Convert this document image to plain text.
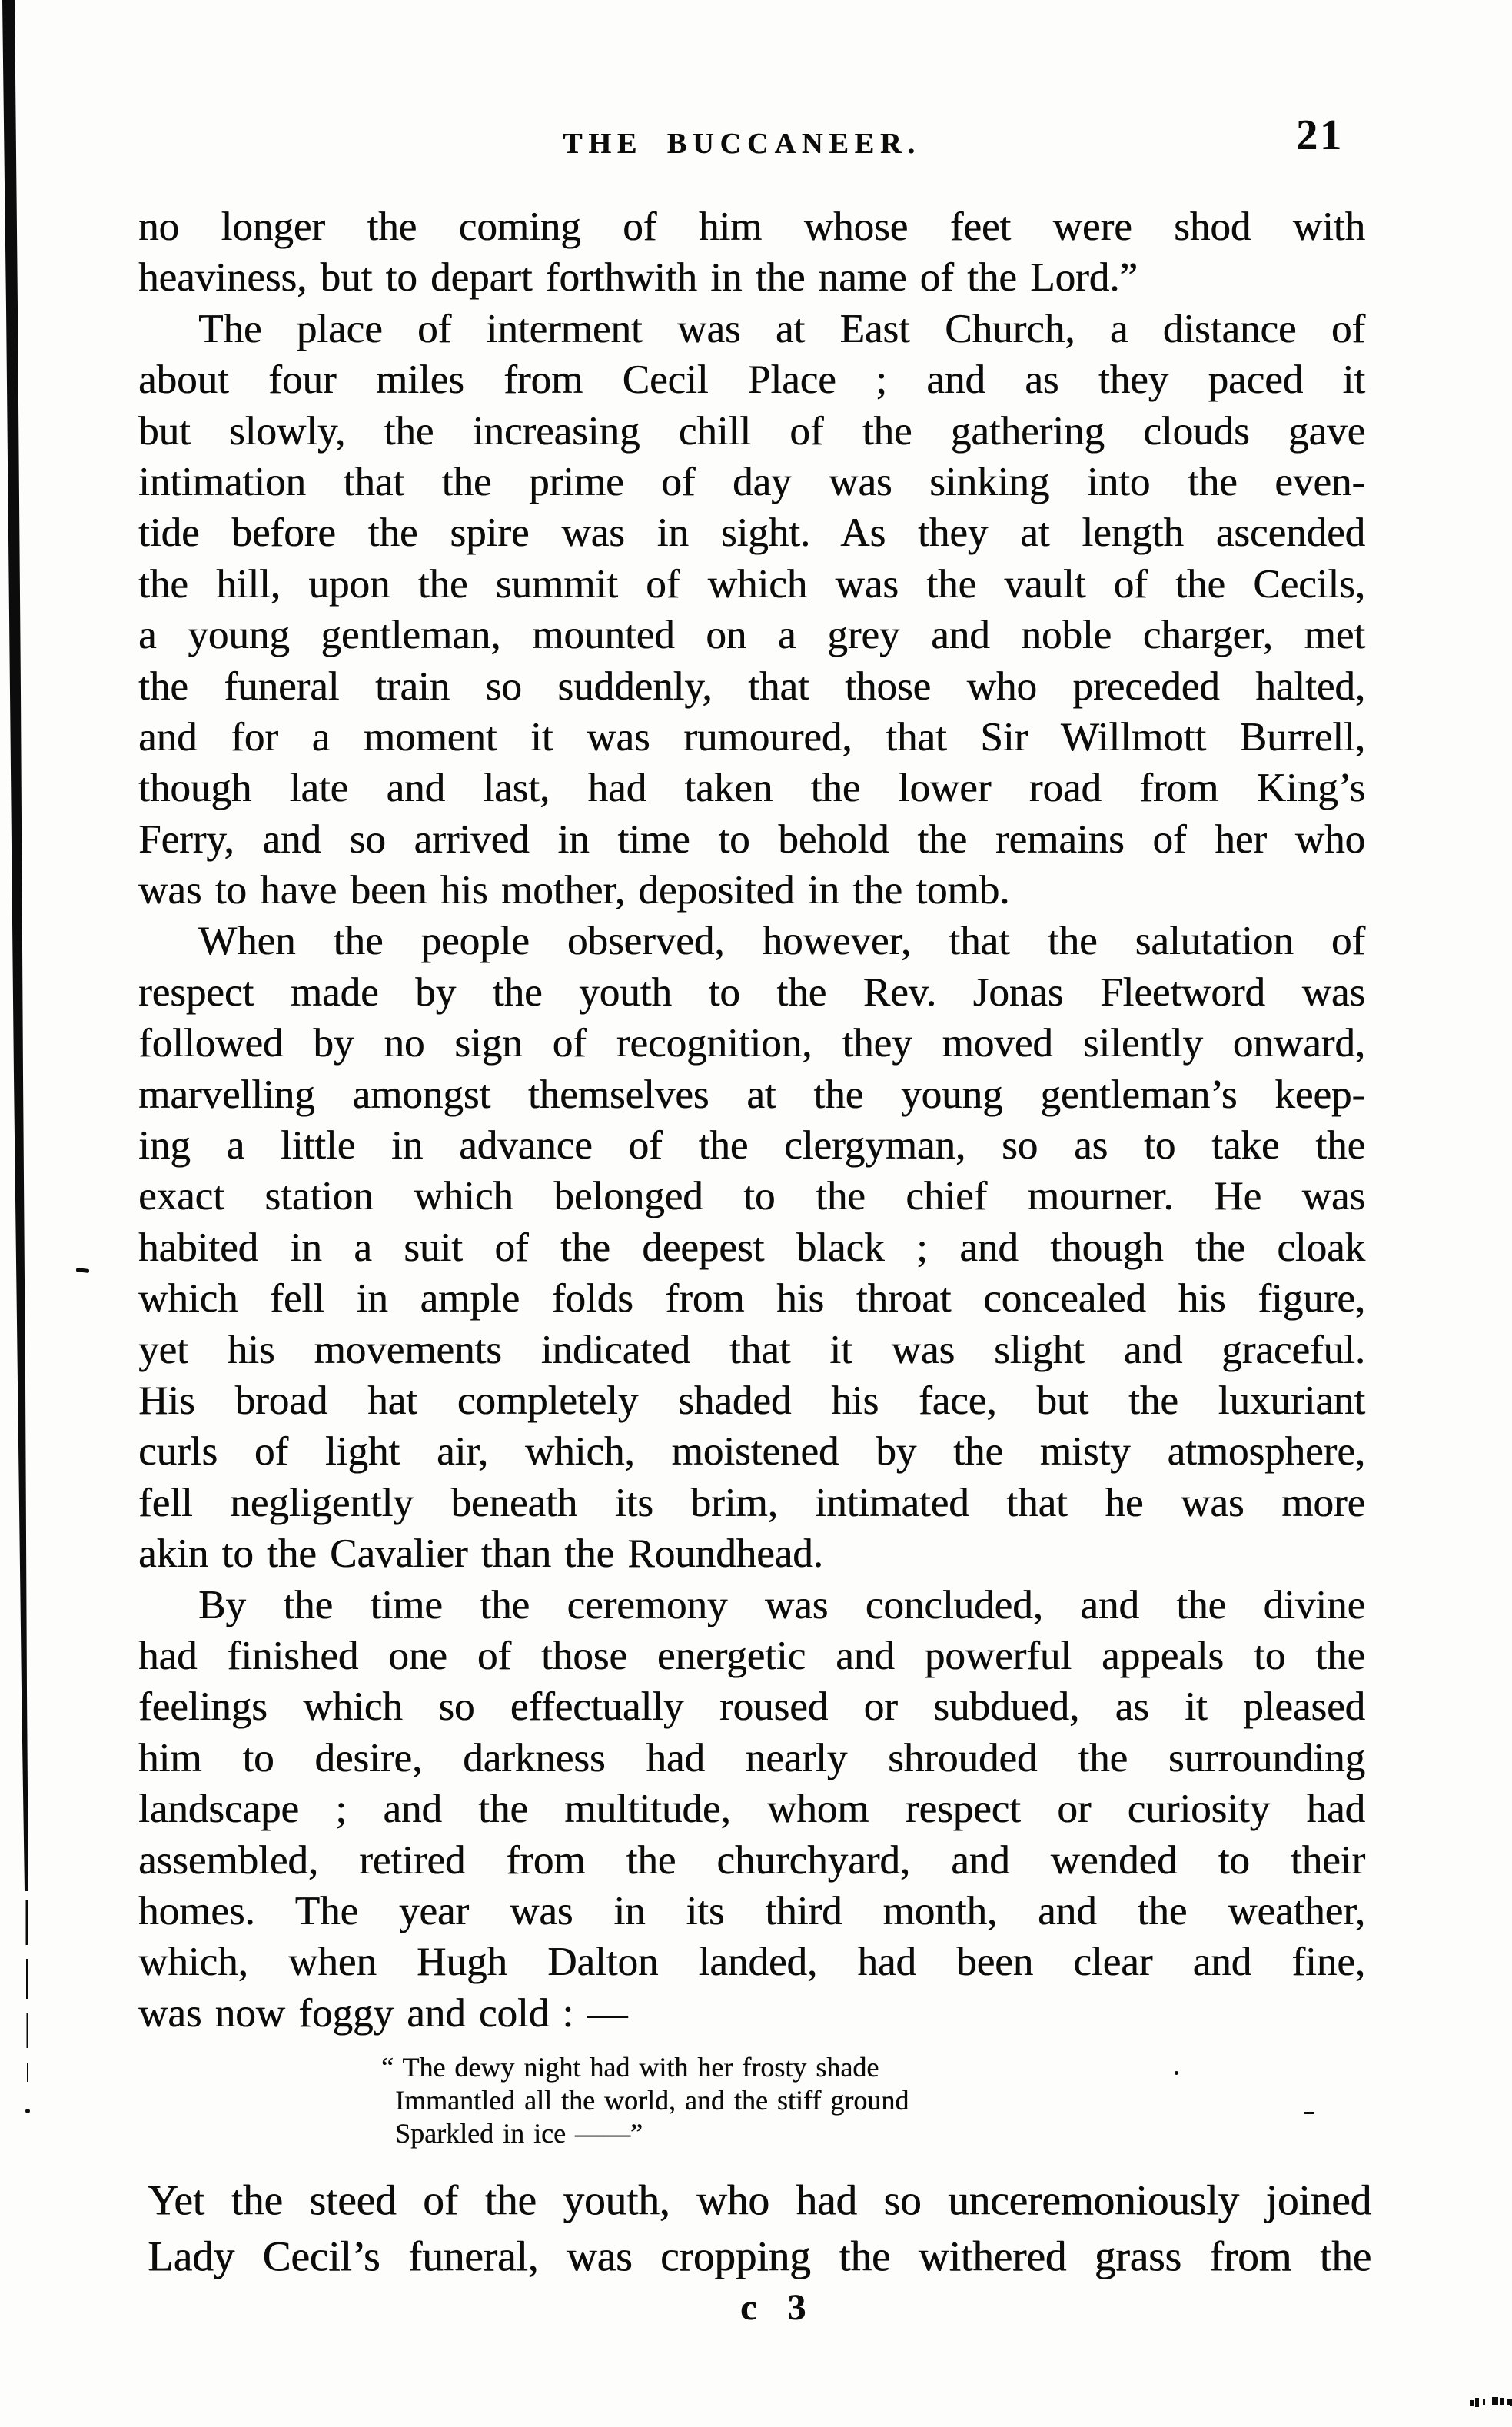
THE BUCCANEER.	21
no longer the coming of him whose feet were shod with
heaviness, but to depart forthwith in the name of the Lord.”
The place of interment was at East Church, a distance of
about four miles from Cecil Place ; and as they paced it
but slowly, the increasing chill of the gathering clouds gave
intimation that the prime of day was sinking into the even-
tide before the spire was in sight. As they at length ascended
the hill, upon the summit of which was the vault of the Cecils,
a young gentleman, mounted on a grey and noble charger, met
the funeral train so suddenly, that those who preceded halted,
and for a moment it was rumoured, that Sir Willmott Burrell,
though late and last, had taken the lower road from King’s
Ferry, and so arrived in time to behold the remains of her who
was to have been his mother, deposited in the tomb.
When the people observed, however, that the salutation of
respect made by the youth to the Rev. Jonas Fleetword was
followed by no sign of recognition, they moved silently onward,
marvelling amongst themselves at the young gentleman’s keep-
ing a little in advance of the clergyman, so as to take the
exact station which belonged to the chief mourner. He was
habited in a suit of the deepest black ; and though the cloak
which fell in ample folds from his throat concealed his figure,
yet his movements indicated that it was slight and graceful.
His broad hat completely shaded his face, but the luxuriant
curls of light air, which, moistened by the misty atmosphere,
fell negligently beneath its brim, intimated that he was more
akin to the Cavalier than the Roundhead.
By the time the ceremony was concluded, and the divine
had finished one of those energetic and powerful appeals to the
feelings which so effectually roused or subdued, as it pleased
him to desire, darkness had nearly shrouded the surrounding
landscape ; and the multitude, whom respect or curiosity had
assembled, retired from the churchyard, and wended to their
homes. The year was in its third month, and the weather,
which, when Hugh Dalton landed, had been clear and fine,
was now foggy and cold : —
“ The dewy night had with her frosty shade
Immantled all the world, and the stiff ground
Sparkled in ice ——”
Yet the steed of the youth, who had so unceremoniously joined
Lady Cecil’s funeral, was cropping the withered grass from the
c 3
